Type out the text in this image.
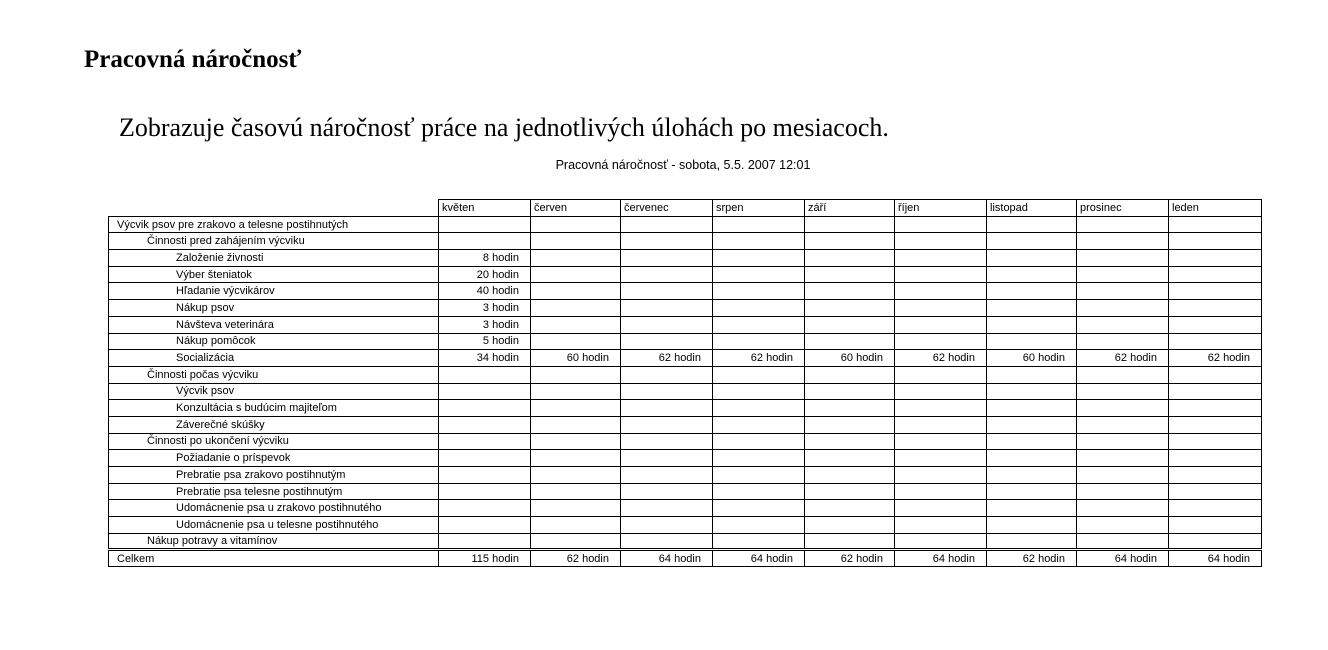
Pracovná náročnosť

Zobrazuje časovú náročnosť práce na jednotlivých úlohách po mesiacoch.

Pracovná náročnosť - sobota, 5.5. 2007 12:01
	květen	červen	červenec	srpen	září	říjen	listopad	prosinec	leden
Výcvik psov pre zrakovo a telesne postihnutých									
Činnosti pred zahájením výcviku									
Založenie živnosti	8 hodin								
Výber šteniatok	20 hodin								
Hľadanie výcvikárov	40 hodin								
Nákup psov	3 hodin								
Návšteva veterinára	3 hodin								
Nákup pomôcok	5 hodin								
Socializácia	34 hodin	60 hodin	62 hodin	62 hodin	60 hodin	62 hodin	60 hodin	62 hodin	62 hodin
Činnosti počas výcviku									
Výcvik psov									
Konzultácia s budúcim majiteľom									
Záverečné skúšky									
Činnosti po ukončení výcviku									
Požiadanie o príspevok									
Prebratie psa zrakovo postihnutým									
Prebratie psa telesne postihnutým									
Udomácnenie psa u zrakovo postihnutého									
Udomácnenie psa u telesne postihnutého									
Nákup potravy a vitamínov									
Celkem	115 hodin	62 hodin	64 hodin	64 hodin	62 hodin	64 hodin	62 hodin	64 hodin	64 hodin
